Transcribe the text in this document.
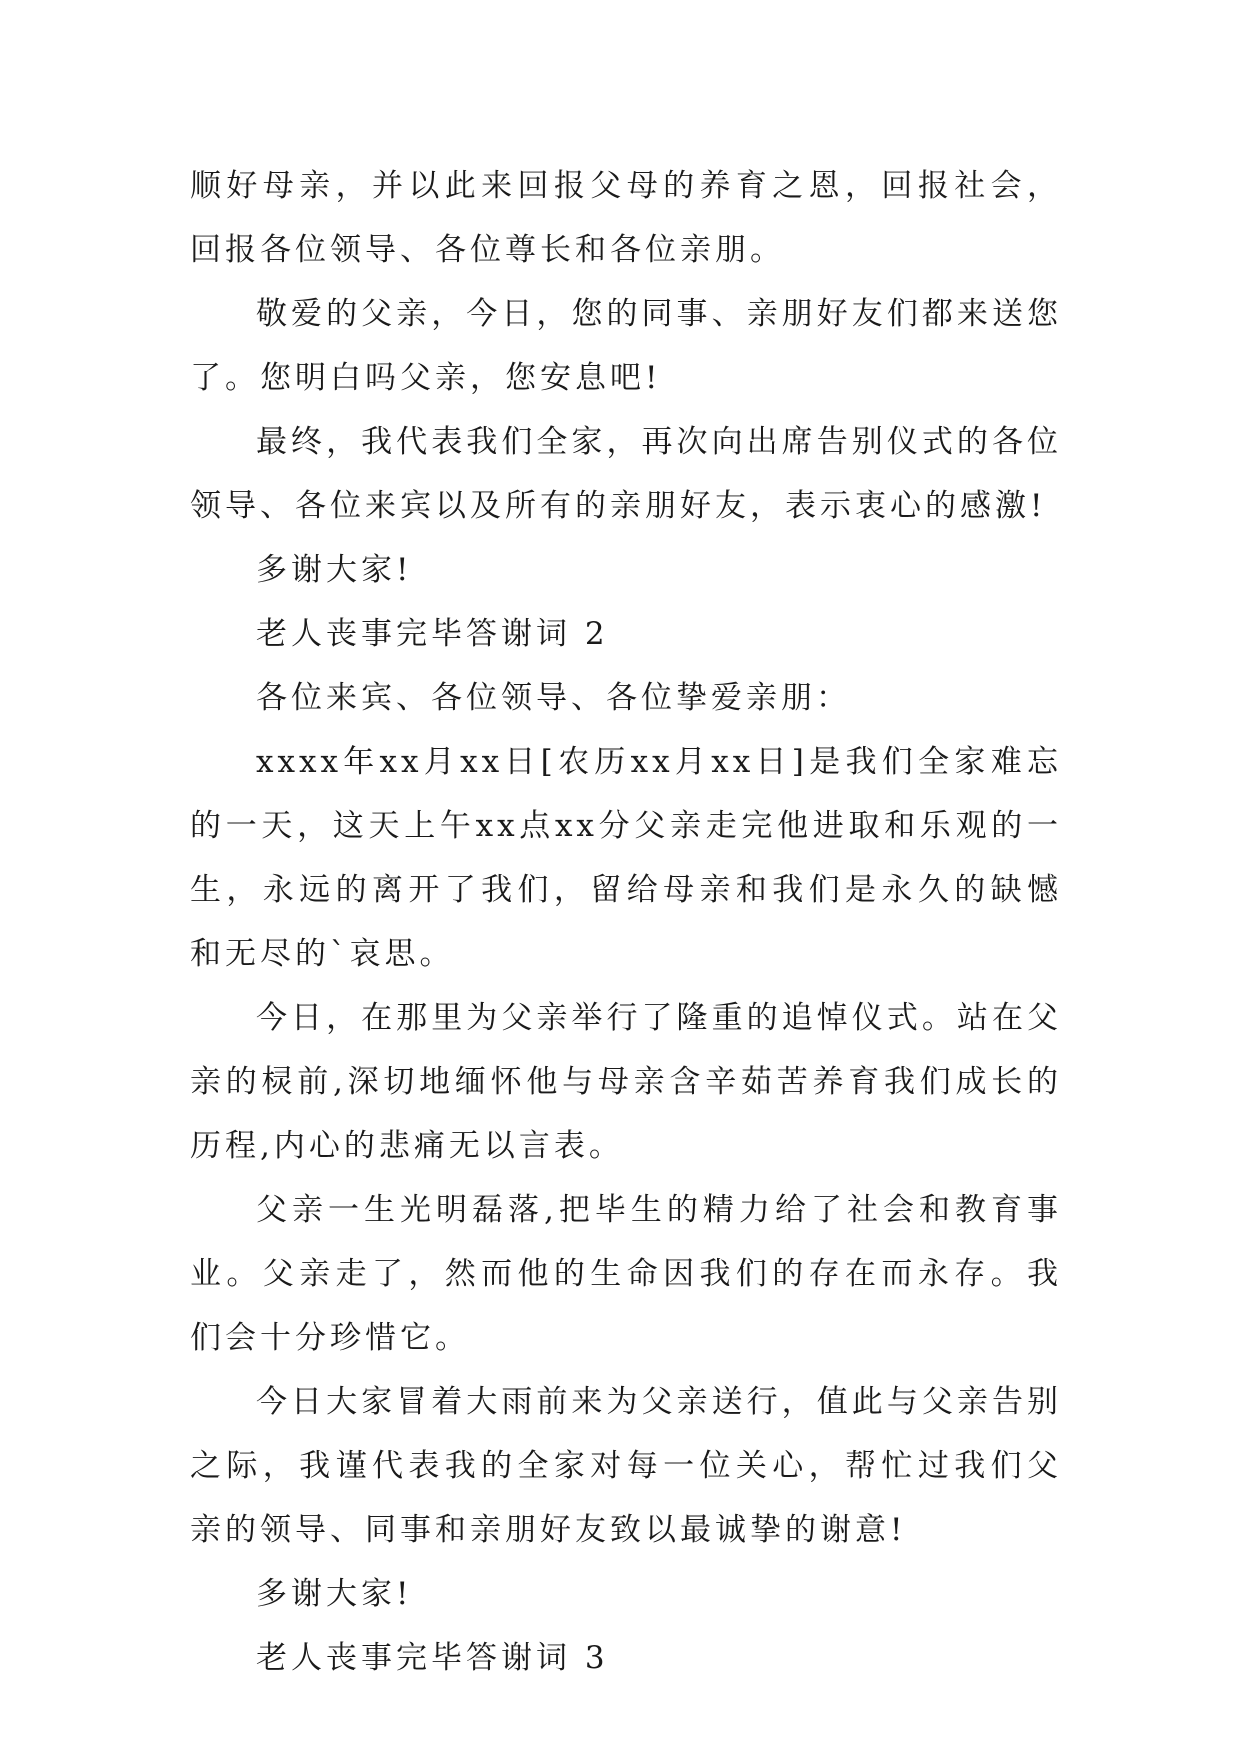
顺好母亲，并以此来回报父母的养育之恩，回报社会，回报各位领导、各位尊长和各位亲朋。

敬爱的父亲，今日，您的同事、亲朋好友们都来送您了。您明白吗父亲，您安息吧!

最终，我代表我们全家，再次向出席告别仪式的各位领导、各位来宾以及所有的亲朋好友，表示衷心的感激!

多谢大家!

老人丧事完毕答谢词 2

各位来宾、各位领导、各位挚爱亲朋：

xxxx年xx月xx日[农历xx月xx日]是我们全家难忘的一天，这天上午xx点xx分父亲走完他进取和乐观的一生，永远的离开了我们，留给母亲和我们是永久的缺憾和无尽的`哀思。

今日，在那里为父亲举行了隆重的追悼仪式。站在父亲的棂前,深切地缅怀他与母亲含辛茹苦养育我们成长的历程,内心的悲痛无以言表。

父亲一生光明磊落,把毕生的精力给了社会和教育事业。父亲走了，然而他的生命因我们的存在而永存。我们会十分珍惜它。

今日大家冒着大雨前来为父亲送行，值此与父亲告别之际，我谨代表我的全家对每一位关心，帮忙过我们父亲的领导、同事和亲朋好友致以最诚挚的谢意!

多谢大家!

老人丧事完毕答谢词 3
